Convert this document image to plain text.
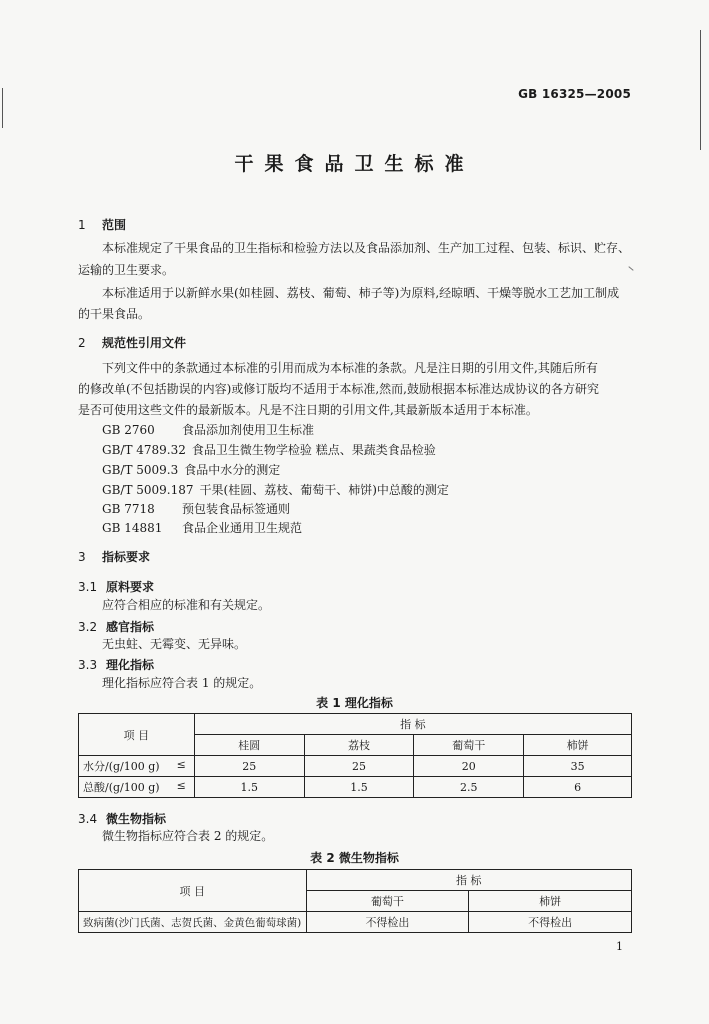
GB 16325—2005
干果食品卫生标准
1 范围
本标准规定了干果食品的卫生指标和检验方法以及食品添加剂、生产加工过程、包装、标识、贮存、
运输的卫生要求。
本标准适用于以新鲜水果(如桂圆、荔枝、葡萄、柿子等)为原料,经晾晒、干燥等脱水工艺加工制成
的干果食品。
2 规范性引用文件
下列文件中的条款通过本标准的引用而成为本标准的条款。凡是注日期的引用文件,其随后所有
的修改单(不包括勘误的内容)或修订版均不适用于本标准,然而,鼓励根据本标准达成协议的各方研究
是否可使用这些文件的最新版本。凡是不注日期的引用文件,其最新版本适用于本标准。
GB 2760 食品添加剂使用卫生标准
GB/T 4789.32 食品卫生微生物学检验 糕点、果蔬类食品检验
GB/T 5009.3 食品中水分的测定
GB/T 5009.187 干果(桂圆、荔枝、葡萄干、柿饼)中总酸的测定
GB 7718 预包装食品标签通则
GB 14881 食品企业通用卫生规范
3 指标要求
3.1 原料要求
应符合相应的标准和有关规定。
3.2 感官指标
无虫蛀、无霉变、无异味。
3.3 理化指标
理化指标应符合表 1 的规定。
表 1 理化指标
项 目	指 标			
	桂圆	荔枝	葡萄干	柿饼
水分/(g/100 g) ≤	25	25	20	35
总酸/(g/100 g) ≤	1.5	1.5	2.5	6
3.4 微生物指标
微生物指标应符合表 2 的规定。
表 2 微生物指标
项 目	指 标	
	葡萄干	柿饼
致病菌(沙门氏菌、志贺氏菌、金黄色葡萄球菌)	不得检出	不得检出
1
